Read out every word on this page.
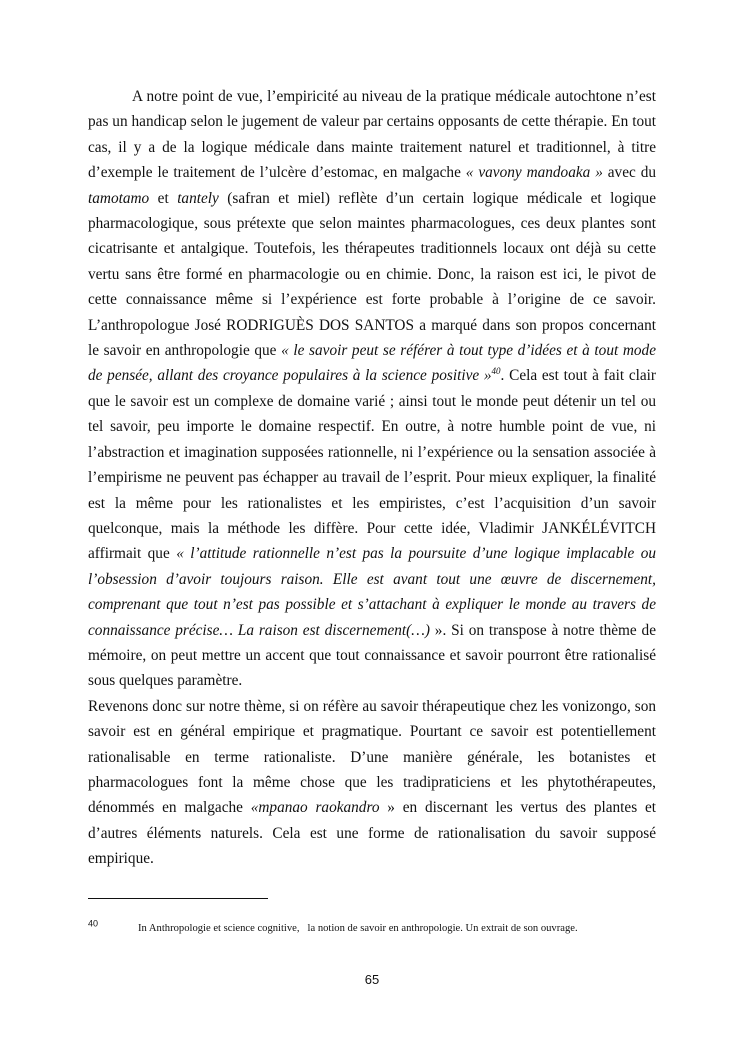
A notre point de vue, l’empiricité au niveau de la pratique médicale autochtone n’est pas un handicap selon le jugement de valeur par certains opposants de cette thérapie. En tout cas, il y a de la logique médicale dans mainte traitement naturel et traditionnel, à titre d’exemple le traitement de l’ulcère d’estomac, en malgache « vavony mandoaka » avec du tamotamo et tantely (safran et miel) reflète d’un certain logique médicale et logique pharmacologique, sous prétexte que selon maintes pharmacologues, ces deux plantes sont cicatrisante et antalgique. Toutefois, les thérapeutes traditionnels locaux ont déjà su cette vertu sans être formé en pharmacologie ou en chimie. Donc, la raison est ici, le pivot de cette connaissance même si l’expérience est forte probable à l’origine de ce savoir. L’anthropologue José RODRIGUÈS DOS SANTOS a marqué dans son propos concernant le savoir en anthropologie que « le savoir peut se référer à tout type d’idées et à tout mode de pensée, allant des croyance populaires à la science positive »$^{40}$. Cela est tout à fait clair que le savoir est un complexe de domaine varié ; ainsi tout le monde peut détenir un tel ou tel savoir, peu importe le domaine respectif. En outre, à notre humble point de vue, ni l’abstraction et imagination supposées rationnelle, ni l’expérience ou la sensation associée à l’empirisme ne peuvent pas échapper au travail de l’esprit. Pour mieux expliquer, la finalité est la même pour les rationalistes et les empiristes, c’est l’acquisition d’un savoir quelconque, mais la méthode les diffère. Pour cette idée, Vladimir JANKÉLÉVITCH affirmait que « l’attitude rationnelle n’est pas la poursuite d’une logique implacable ou l’obsession d’avoir toujours raison. Elle est avant tout une œuvre de discernement, comprenant que tout n’est pas possible et s’attachant à expliquer le monde au travers de connaissance précise… La raison est discernement(…) ». Si on transpose à notre thème de mémoire, on peut mettre un accent que tout connaissance et savoir pourront être rationalisé sous quelques paramètre.

Revenons donc sur notre thème, si on réfère au savoir thérapeutique chez les vonizongo, son savoir est en général empirique et pragmatique. Pourtant ce savoir est potentiellement rationalisable en terme rationaliste. D’une manière générale, les botanistes et pharmacologues font la même chose que les tradipraticiens et les phytothérapeutes, dénommés en malgache «mpanao raokandro » en discernant les vertus des plantes et d’autres éléments naturels. Cela est une forme de rationalisation du savoir supposé empirique.

$^{40}$	In Anthropologie et science cognitive, la notion de savoir en anthropologie. Un extrait de son ouvrage.
65
